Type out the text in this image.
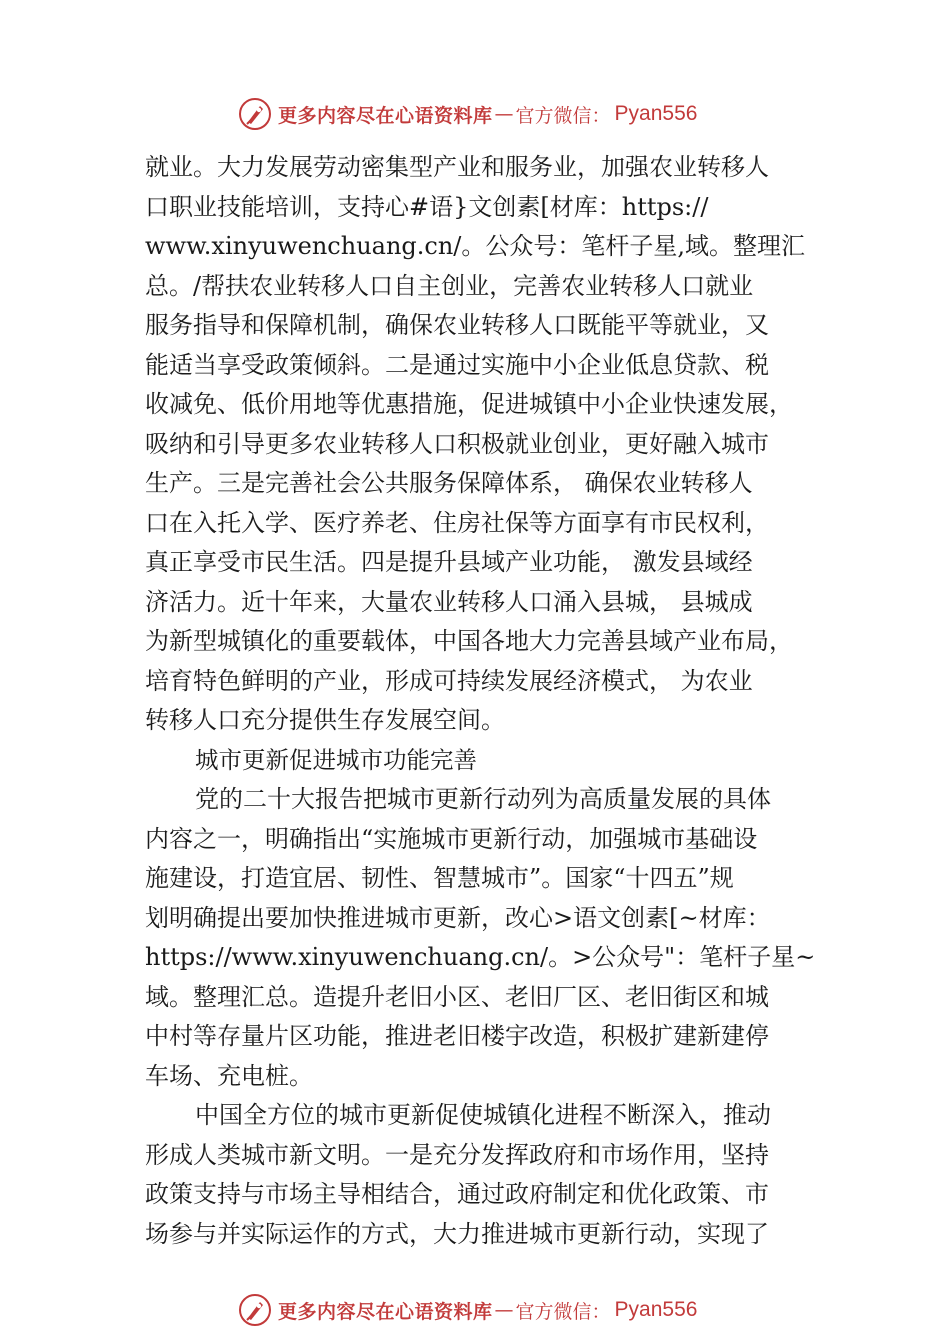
更多内容尽在心语资料库 — 官方微信： Pyan556
就业。大力发展劳动密集型产业和服务业，加强农业转移人
口职业技能培训，支持心#语}文创素[材库：https://
www.xinyuwenchuang.cn/。公众号：笔杆子星,域。整理汇
总。/帮扶农业转移人口自主创业，完善农业转移人口就业
服务指导和保障机制，确保农业转移人口既能平等就业，又
能适当享受政策倾斜。二是通过实施中小企业低息贷款、税
收减免、低价用地等优惠措施，促进城镇中小企业快速发展，
吸纳和引导更多农业转移人口积极就业创业，更好融入城市
生产。三是完善社会公共服务保障体系， 确保农业转移人
口在入托入学、医疗养老、住房社保等方面享有市民权利，
真正享受市民生活。四是提升县域产业功能， 激发县域经
济活力。近十年来，大量农业转移人口涌入县城， 县城成
为新型城镇化的重要载体，中国各地大力完善县域产业布局，
培育特色鲜明的产业，形成可持续发展经济模式， 为农业
转移人口充分提供生存发展空间。
城市更新促进城市功能完善
党的二十大报告把城市更新行动列为高质量发展的具体
内容之一，明确指出“实施城市更新行动，加强城市基础设
施建设，打造宜居、韧性、智慧城市”。国家“十四五”规
划明确提出要加快推进城市更新，改心>语文创素[~材库：
https://www.xinyuwenchuang.cn/。>公众号"：笔杆子星~
域。整理汇总。造提升老旧小区、老旧厂区、老旧街区和城
中村等存量片区功能，推进老旧楼宇改造，积极扩建新建停
车场、充电桩。
中国全方位的城市更新促使城镇化进程不断深入，推动
形成人类城市新文明。一是充分发挥政府和市场作用，坚持
政策支持与市场主导相结合，通过政府制定和优化政策、市
场参与并实际运作的方式，大力推进城市更新行动，实现了
更多内容尽在心语资料库 — 官方微信： Pyan556
